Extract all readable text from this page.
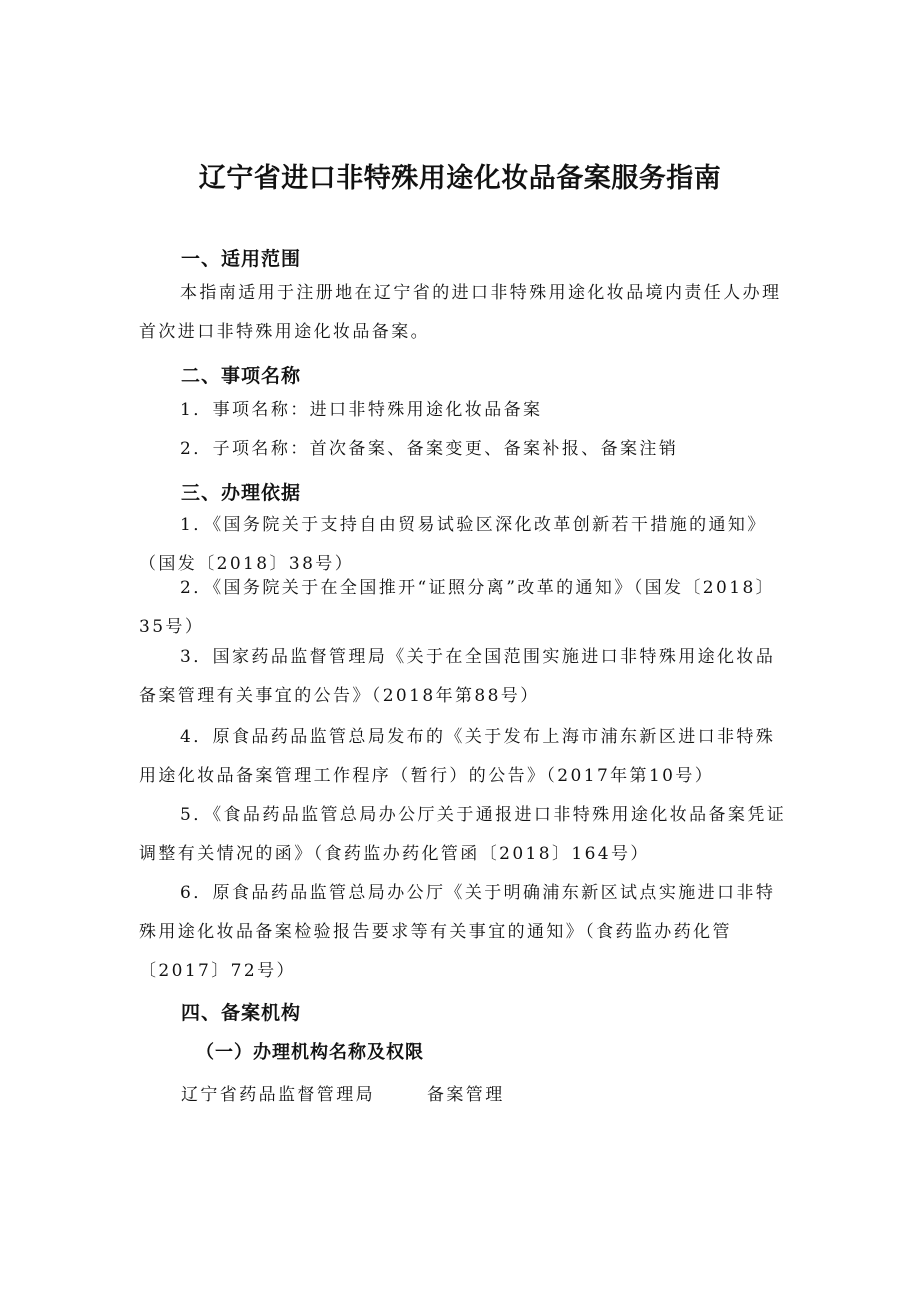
辽宁省进口非特殊用途化妆品备案服务指南
一、适用范围

本指南适用于注册地在辽宁省的进口非特殊用途化妆品境内责任人办理首次进口非特殊用途化妆品备案。

二、事项名称

1．事项名称：进口非特殊用途化妆品备案

2．子项名称：首次备案、备案变更、备案补报、备案注销

三、办理依据

1．《国务院关于支持自由贸易试验区深化改革创新若干措施的通知》（国发〔2018〕38号）

2．《国务院关于在全国推开“证照分离”改革的通知》（国发〔2018〕35号）

3．国家药品监督管理局《关于在全国范围实施进口非特殊用途化妆品备案管理有关事宜的公告》（2018年第88号）

4．原食品药品监管总局发布的《关于发布上海市浦东新区进口非特殊用途化妆品备案管理工作程序（暂行）的公告》（2017年第10号）

5．《食品药品监管总局办公厅关于通报进口非特殊用途化妆品备案凭证调整有关情况的函》（食药监办药化管函〔2018〕164号）

6．原食品药品监管总局办公厅《关于明确浦东新区试点实施进口非特殊用途化妆品备案检验报告要求等有关事宜的通知》（食药监办药化管〔2017〕72号）

四、备案机构
（一）办理机构名称及权限
辽宁省药品监督管理局	备案管理
